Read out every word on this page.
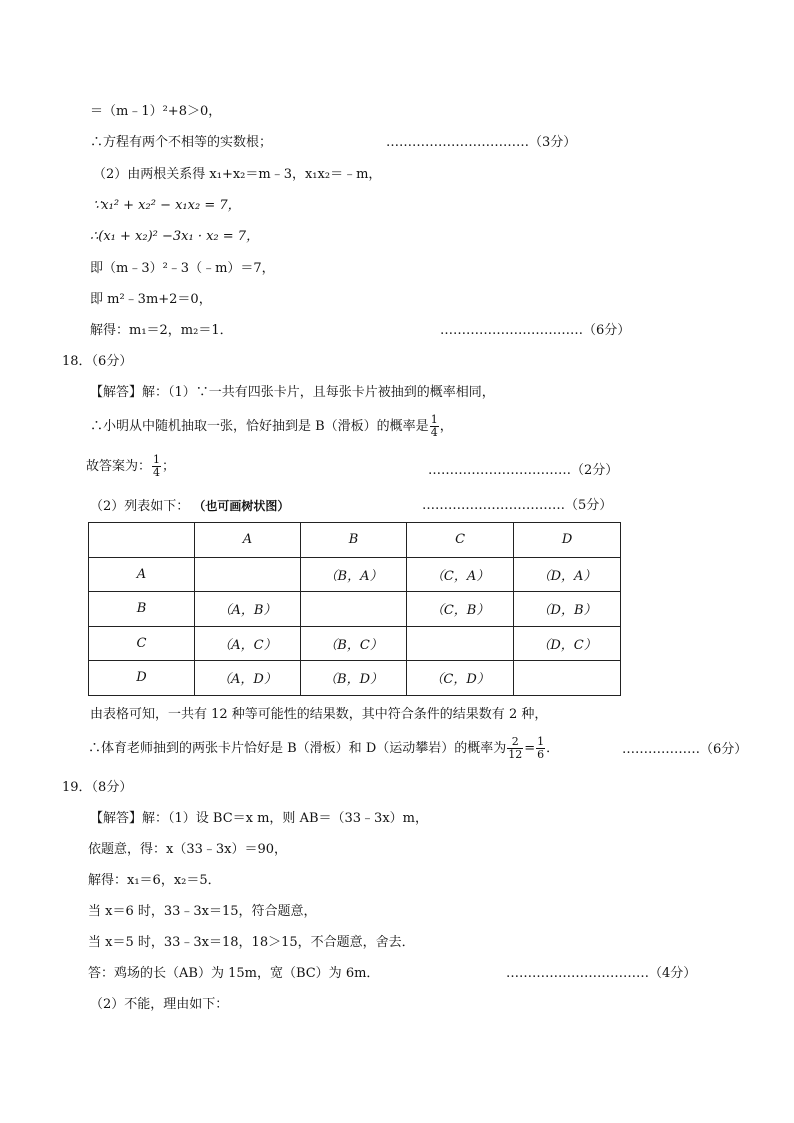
＝（m﹣1）²+8＞0，
∴方程有两个不相等的实数根；	……………………………（3分）
（2）由两根关系得 x₁+x₂＝m﹣3，x₁x₂＝﹣m，
∵x₁² + x₂² − x₁x₂ = 7，
∴(x₁ + x₂)² −3x₁ · x₂ = 7，
即（m﹣3）²﹣3（﹣m）＝7，
即 m²﹣3m+2＝0，
解得：m₁＝2，m₂＝1．	……………………………（6分）
18．（6分）
【解答】解：（1）∵一共有四张卡片，且每张卡片被抽到的概率相同，
∴小明从中随机抽取一张，恰好抽到是 B（滑板）的概率是 $\frac{1}{4}$ ，
故答案为： $\frac{1}{4}$ ；	……………………………（2分）
（2）列表如下： （也可画树状图）	……………………………（5分）
	A	B	C	D
A		（B，A）	（C，A）	（D，A）
B	（A，B）		（C，B）	（D，B）
C	（A，C）	（B，C）		（D，C）
D	（A，D）	（B，D）	（C，D）	
由表格可知，一共有 12 种等可能性的结果数，其中符合条件的结果数有 2 种，
∴体育老师抽到的两张卡片恰好是 B（滑板）和 D（运动攀岩）的概率为 $\frac{2}{12} = \frac{1}{6}$ ．	………………（6分）
19．（8分）
【解答】解：（1）设 BC＝x m，则 AB＝（33﹣3x）m，
依题意，得：x（33﹣3x）＝90，
解得：x₁＝6，x₂＝5．
当 x＝6 时，33﹣3x＝15，符合题意，
当 x＝5 时，33﹣3x＝18，18＞15，不合题意，舍去．
答：鸡场的长（AB）为 15m，宽（BC）为 6m．	……………………………（4分）
（2）不能，理由如下：
